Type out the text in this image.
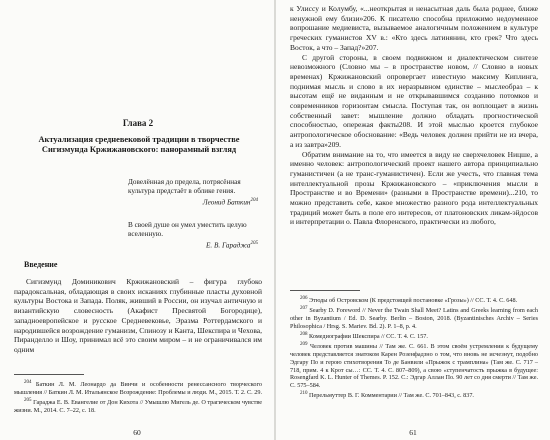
Глава 2
Актуализация средневековой традиции в творчестве Сигизмунда Кржижановского: панорамный взгляд
Довелённая до предела, потрясённая культура предстаёт в облике гения.
Леонид Баткин$^{204}$
В своей душе он умел уместить целую вселенную.
Е. В. Гараджа$^{205}$
Введение

Сигизмунд Доминикович Кржижановский – фигура глубоко парадоксальная, обладающая в своих исканиях глубинные пласты духовной культуры Востока и Запада. Поляк, живший в России, он изучал античную и византийскую словесность (Акафист Пресвятой Богородице), западноевропейское и русское Средневековье, Эразма Роттердамского и народившейся возрождение гуманизм, Спинозу и Канта, Шекспира и Чехова, Пиранделло и Шоу, принимал всё это своим миром – и не ограничивался им одним

$^{204}$ Баткин Л. М. Леонардо да Винчи и особенности ренессансного творческого мышления // Баткин Л. М. Итальянское Возрождение: Проблемы и люди. М., 2015. Т. 2. С. 29.

$^{205}$ Гараджа Е. В. Евангелие от Дон Кихота // Умышлю Мигель де. О трагическом чувстве жизни. М., 2014. С. 7–22, с. 18.

60

к Улиссу и Колумбу, «...неоткрытая и ненасытная даль была роднее, ближе ненужной ему близи»206. К писателю способна приложимо недоуменное вопрошание медиевиста, вызываемое аналогичным положением в культуре греческих гуманистов XV в.: «Кто здесь латинянин, кто грек? Что здесь Восток, а что – Запад?»207.

С другой стороны, в своем подвижном и диалектическом синтезе невозможного (Словно мы – в пространстве новом, // Словно в новых временах) Кржижановский опровергает известную максиму Киплинга, поднимая мысль и слово в их неразрывном единстве – мыслеобраз – к высотам ещё не виданным и не открывавшимся созданию потомков и современников горизонтам смысла. Поступая так, он воплощает в жизнь собственный завет: мышление должно обладать прогностической способностью, опережая факты208. И этой мыслью кроется глубокое антропологическое обоснование: «Ведь человек должен прийти не из вчера, а из завтра»209.

Обратим внимание на то, что имеется в виду не сверхчеловек Ницше, а именно человек: антропологический проект нашего автора принципиально гуманистичен (а не транс-гуманистичен). Если же учесть, что главная тема интеллектуальной прозы Кржижановского – «приключения мысли в Пространстве и во Времени» (разными в Пространстве времени)...210, то можно представить себе, какое множество разного рода интеллектуальных традиций может быть в поле его интересов, от платоновских ликам-эйдосов и интерпретации о. Павла Флоренского, практически из любого,

$^{206}$ Этюды об Островском (К предстоящей постановке «Грозы») // СС. Т. 4. С. 648.

$^{207}$ Searby D. Foreword // Never the Twain Shall Meet? Latins and Greeks learning from each other in Byzantium / Ed. D. Searby. Berlin – Boston, 2018. (Byzantinisches Archiv – Series Philosophica / Hrsg. S. Mariev. Bd. 2). P. 1–8, p. 4.

$^{208}$ Комедиографии Шекспира // СС. Т. 4. С. 157.

$^{209}$ Человек против машины // Там же. С. 661. В этом своём устремлении к будущему человек представляется знатоком Карен Розенфадзно о том, что вновь не исчезнут, подобно Эдгару По и герою стихотворения То де Банвили «Прыжок с трамплина» (Там же. С. 717 – 718, прим. 4 к Крот сы…: СС. Т. 4. С. 807–809), а свою «ступенчатость прыжка в будущее: Rosengfard K. L. Hunter of Themes. Р. 152. С.: Эдгар Аллан По. 90 лет со дня смерти // Там же. С. 575–584.

$^{210}$ Перельмуттер В. Г. Комментарии // Там же. С. 701–843, с. 837.

61
